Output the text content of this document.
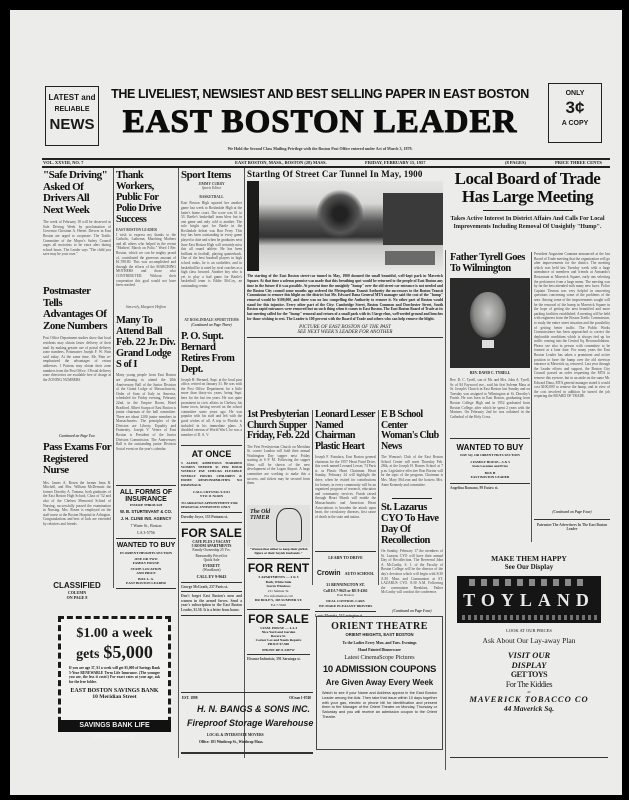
LATEST and
RELIABLE
NEWS
THE LIVELIEST, NEWSIEST AND BEST SELLING PAPER IN EAST BOSTON
EAST BOSTON LEADER
We Hold the Second Class Mailing Privilege with the Boston Post Office entered under Act of March 3, 1879.
ONLY
3¢
A COPY
VOL. XXVIII, NO. 7	EAST BOSTON, MASS., BOSTON (28) MASS.	FRIDAY, FEBRUARY 15, 1957	(8 PAGES)	PRICE THREE CENTS
"Safe Driving" Asked Of Drivers All Next Week
The week of February 18 will be observed as Safe Driving Week by proclamation of Governor Christian A. Herter. Drivers in East Boston are urged to cooperate. The Traffic Committee of the Mayor's Safety Council urges all motorists to be extra alert during school hours. The Leader says "The child you save may be your own."
Postmaster Tells Advantages Of Zone Numbers
Post Office Department studies show that local residents may obtain faster delivery of their mail by making greater use of postal delivery zone numbers, Postmaster Joseph F. W. Finn said today. At the same time, Mr. Finn re-emphasized the advantages of return addresses. I Patrons may obtain their zone numbers from the Post Office. I Postal delivery zone directories are available free of charge at the ZONING NUMBERS
Continued on Page Two
Pass Exams For Registered Nurse
Mrs. James A. Rosen the former Irma R. Mitchell, and Mrs. William McDermott the former Dorothy A. Tomasa, both graduates of the East Boston High School, Class of '52 and also of the Chelsea Memorial School of Nursing, successfully passed the examination in Nursing. Mrs. Rosen is employed on the staff nurse at the Boston Hospital in Arlington. Congratulations and best of luck are extended by relatives and friends.
CLASSIFIED
COLUMN
ON PAGE 8
Thank Workers, Public For Polio Drive Success
EAST BOSTON LEADER
I wish to express my thanks to the Catholic, Lutheran, Marching Mothers and all others who helped in the recent "Mothers' March on Polio." Word I Rec Boston, which we can be mighty proud of, contributed the generous amount of $1,788.80. This was accomplished and through the efforts of the MARCHING MOTHERS and those who CONTRIBUTED. Without their cooperation this goal would not have been reached.
Sincerely, Margaret Heffron
Many To Attend Ball Feb. 22 Jr. Div. Grand Lodge S of I
Many young people from East Boston are planning to attend the 20th Anniversary Ball of the Junior Division of the Grand Lodge of Massachusetts, Order of Sons of Italy in America, scheduled for Friday evening, February 22nd, in the Empire Room, Hotel Bradford. Albert Scarpa of East Boston is junior chairman of the ball committee. There are about 1200 junior members in Massachusetts. The principles of the Division are Liberty, Equality and Fraternity. Joseph V. Vetere of East Boston is President of the Junior Division Commission. The Anniversary Ball is the outstanding junior Division Social event on the year's calendar.
ALL FORMS OF
INSURANCE
INSURE THROUGH
W. B. STURTEVANT & CO.
J. H. CLINE INS. AGENCY
7 Water St., Boston
LA 3-5756
WANTED TO BUY
IN ORIENT HEIGHTS SECTION
ONE OR TWO
FAMILY HOUSE
STATE LOCATION
AND PRICE
BOX L. A.
EAST BOSTON LEADER
Sport Items
JIMMY CURRY
Sports Editor
BASKETBALL
East Boston High squared her another game last week to Roslindale High at the latter's home court. The score was 61 to 33. Barile's basketball team blew but in one game and only cold is another. The sole bright spot for Barile in the Roslindale defeat was Ron Ferry. This boy has been outstanding in every game played to date and when he graduates next June East Boston High will certainly miss this all round athlete. He has been brilliant in football, playing quarterback. One of the best baseball players in high school ranks, he is an outfielder, and in basketball he is rated by rival coaches as a high class forward. Another boy who is yet to play a bad game for Barile's basketball team is Eddie McCoy, an outstanding center.
AT ROSLINDALE SPORT ITEMS
(Continued on Page Three)
P. O. Supt. Bernard Retires From Dept.
Joseph H. Bernard, Supt. at the local post office, retired on January 31. He was with the Post Office Department for a little more than thirty-six years, being Supt. here for the last ten years. He was quite prominent in civic affairs in Chelsea, his home town, having served on the school committee some years ago. He was popular with his staff and left with the good wishes of all. A trip to Florida is included in his immediate plans. A disabled veteran of World War I, he was a member of D. A. V.
AT ONCE
5 ALERT, AMBITIOUS MARRIED WOMEN NEEDED $1 PER HOUR WEEKLY PAY CHECKS FLEXIBLE WEEKLY HOURS CHILDREN & HOME RESPONSIBILITIES NO DRAWBACK
CALL CRYSTAL 9-5111
9 TO 11 NOON
TO ARRANGE APPOINTMENT FOR PERSONAL INTERVIEW ONLY
Dorothy Joyce, 133 Putnam st.
FOR SALE
CAFE PLUS 2 VACANT
5 ROOM APARTMENTS
Family Ownership 25 Yrs.
Reasonably Priced for
Quick Sale
EVERETT
(Woodlawn)
CALL EV 9-9643
George McGrath, 237 Paris st.
Don't forget East Boston's men and women in the armed forces. Send a year's subscription to the East Boston Leader, $1.50. It is a letter from home.
Startlng Of Street Car Tunnel In May, 1900
The starting of the East Boston street-car tunnel in May, 1900 doomed the small beautiful, well-kept park in Maverick Square. At that time a solemn promise was made that this breathing spot would be returned to the people of East Boston any time in the future if it was possible. At present time the unsightly "hump" over the old street-car entrance is not needed and the Boston City council some months ago ordered the Metropolitan Transit Authority the successors to the Boston Transit Commission to remove this blight on the district but Mr. Edward Dana General MTA manager said the cost of the "hump" removal would be $100,000, and there was no law compelling the Authority to remove it. No other part of Boston would stand for this injustice. Every other part of the City: Cambridge Street, Boston Common and Dorchester Street, South Boston rapid entrances were removed but no such thing when it comes to East Boston. The East Boston Board of Trade at its last meeting called for the "hump" removal and return of a small park with its 3 large elms, well-seeded ground and benches for those wishing to rest. The Leader is 100 percent with the Board of Trade and others who can help remove the blight.
PICTURE OF EAST BOSTON OF THE PAST
SEE NEXT WEEK'S LEADER FOR ANOTHER
1st Presbyterian Church Supper Friday, Feb. 22d
The First Presbyterian Church on Meridian St. corner London will hold their annual Washington Day supper next Friday starting at 6 P. M. Following the supper films will be shown of the new development of the Logan Airport. A large committee are working to make this a success, and tickets may be secured from them.
The Old TIMER
"Women that either to keep their girlish figure or their boyish husbands."
FOR RENT
5 APARTMENTS — 4 & 5
Bath, White Sink
Storm Windows
211 Sumner St.
For information call
DR BOLE'S, 303 SUMNER ST.
EA 7-5620
FOR SALE
3 FAM. HOUSE — 4-4-4
Nice Yard and Garden
Revere St.
Corner Lot and Needs Repairs
PRICE $7,500
PHONE RE 8-3497W
Eleanor Indonisio, 591 Saratoga st.
Leonard Lesser Named Chairman Plastic Heart
Joseph F. Fiandaca, East Boston general chairman for the 1957 Heart Fund Drive, this week named Leonard Lesser, 74 Paris st. as Plastic Heart Chairman. Heart Sunday, February 24 will highlight the drive, when he visited for contributions for homes, in every community will be an organized program of research, education and community services. Funds raised through Heart Month will enable the Massachusetts and American Heart Associations to broaden the attack upon heart, the circulatory diseases, first cause of death in the state and nation.
LEARN TO DRIVE
Crowin AUTO SCHOOL
31 BENNINGTON ST.
Call EA 7-9623 or RE 8-4361
East Boston
DUAL CONTROL CARS
WE MAKE PLEASANT DRIVERS
Louis Moretta, 34 Lexington st.
E B School Center Woman's Club News
The Woman's Club of the East Boston School Center will meet Thursday Feb. 28th, at the Joseph H. Barnes School at 7 p.m. Legislative effective Ron Borton will be the topic of the program. Chairman is Mrs. Mary McLean and the hostess Mrs. Anne Kennedy and committee.
St. Lazarus CYO To Have Day Of Recollection
On Sunday, February 17 the members of St. Lazarus CYO will have their annual Day of Recollection. The Reverend John A. McCarthy, S. J. of the Faculty of Boston College will be the director of the day's devotion which will begin with 8:30 A.M. Mass and Communion at ST. LAZARUS CYO. 8:30 A.M. Following the communion Breakfast, Father McCarthy will conduct the conference.
(Continued on Page Four)
Local Board of Trade Has Large Meeting
Takes Active Interest In District Affairs And Calls For Local Improvements Including Removal Of Unsightly "Hump".
Father Tyrell Goes To Wilmington
REV. DAVID C. TYRELL
Rev. D. C. Tyrell, son of Mr. and Mrs. John A. Tyrell, Sr. of 84 Faywood ave., said his first Solemn Mass at St. Joseph's Church in East Boston last Sunday and on Tuesday was assigned to Wilmington at St. Dorothy's Parish. He was born in East Boston, graduating from Boston College High and in 1952 graduated from Boston College, after which he spent 2 years with the Marines. On February 2nd he was ordained in the Cathedral of the Holy Cross.
WANTED TO BUY
DAY SQ. OR ORIENT HGTS SECTION
2 FAMILY HOUSE—5 & 5
State Location and Price
BOX H
EAST BOSTON LEADER
Angelina Romano, 99 Eutaw st.
President Augustine Cunnane announced at the last Board of Trade meeting that the organization will go after improvements for the district. The meeting which was held last Tuesday week with a large attendance of members and friends at Armando's Restaurant at Maverick Square, early ans selecting the performers from a large menu. The meeting was by far the best attended with many new faces. Police Captain Tiernan was very helpful in answering questions concerning some of the problems of the area. Among some of the improvements sought will be the removal of the hump in Maverick Square in the hope of getting the area beautified and more parking facilities established. A meeting will be held with engineers from the Boston Traffic Commission, to study the entire street situation and the possibility of getting better traffic. The Public Works Commissioner has been approached to correct the deplorable conditions which is always tied up for traffic coming into the Central Sq. Reconsolidation. Please see also in person with committee to be formed at a later date. For many years the East Boston Leader has taken a prominent and active position to have the hump over the old streetcar entrance at Maverick sq. removed. Last year through the Leader efforts and support, the Boston City Council passed an order requesting the MTA to remove this eyesore, but in an aside on the same Mr. Edward Dana, MTA general manager stated it would cost $100,000 to remove the hump, and in view of the cost involved in addition he turned the job requiring the BOARD OF TRADE.
(Continued on Page Four)
Patronize The Advertisers In The East Boston Leader
$1.00 a week
gets $5,000
If you are age 37, $1 a week will get $5,000 of Savings Bank 5-Year RENEWABLE Term Life Insurance. (The younger you are, the less it costs!) For exact rates at your age, ask for the free folder.
EAST BOSTON SAVINGS BANK
10 Meridian Street
SAVINGS BANK LIFE INSURANCE
EST. 1898	OCean 1-0740
H. N. BANGS & SONS INC.
Fireproof Storage Warehouse
LOCAL & INTERSTATE MOVERS
Office: 181 Winthrop St., Winthrop Mass.
ORIENT THEATRE
ORIENT HEIGHTS, EAST BOSTON
To the Ladies Every Mon. and Tues. Evenings
Hand Painted Dinnerware
Latest CinemaScope Pictures
10 ADMISSION COUPONS
Are Given Away Every Week
Watch to see if your Name and Address appear in the East Boston Leader among the Ads. Then take that issue within 10 days together with your gas, electric or phone bill for identification and present them to the Manager of the Orient Theatre on Monday, Thursday or Saturday and you will receive an admission coupon to the Orient Theatre.
MAKE THEM HAPPY
See Our Display
TOYLAND
LOOK AT OUR PRICES
Ask About Our Lay-away Plan
VISIT OUR
DISPLAY
GET TOYS
For The Kiddies
AT
MAVERICK TOBACCO CO
44 Maverick Sq.
